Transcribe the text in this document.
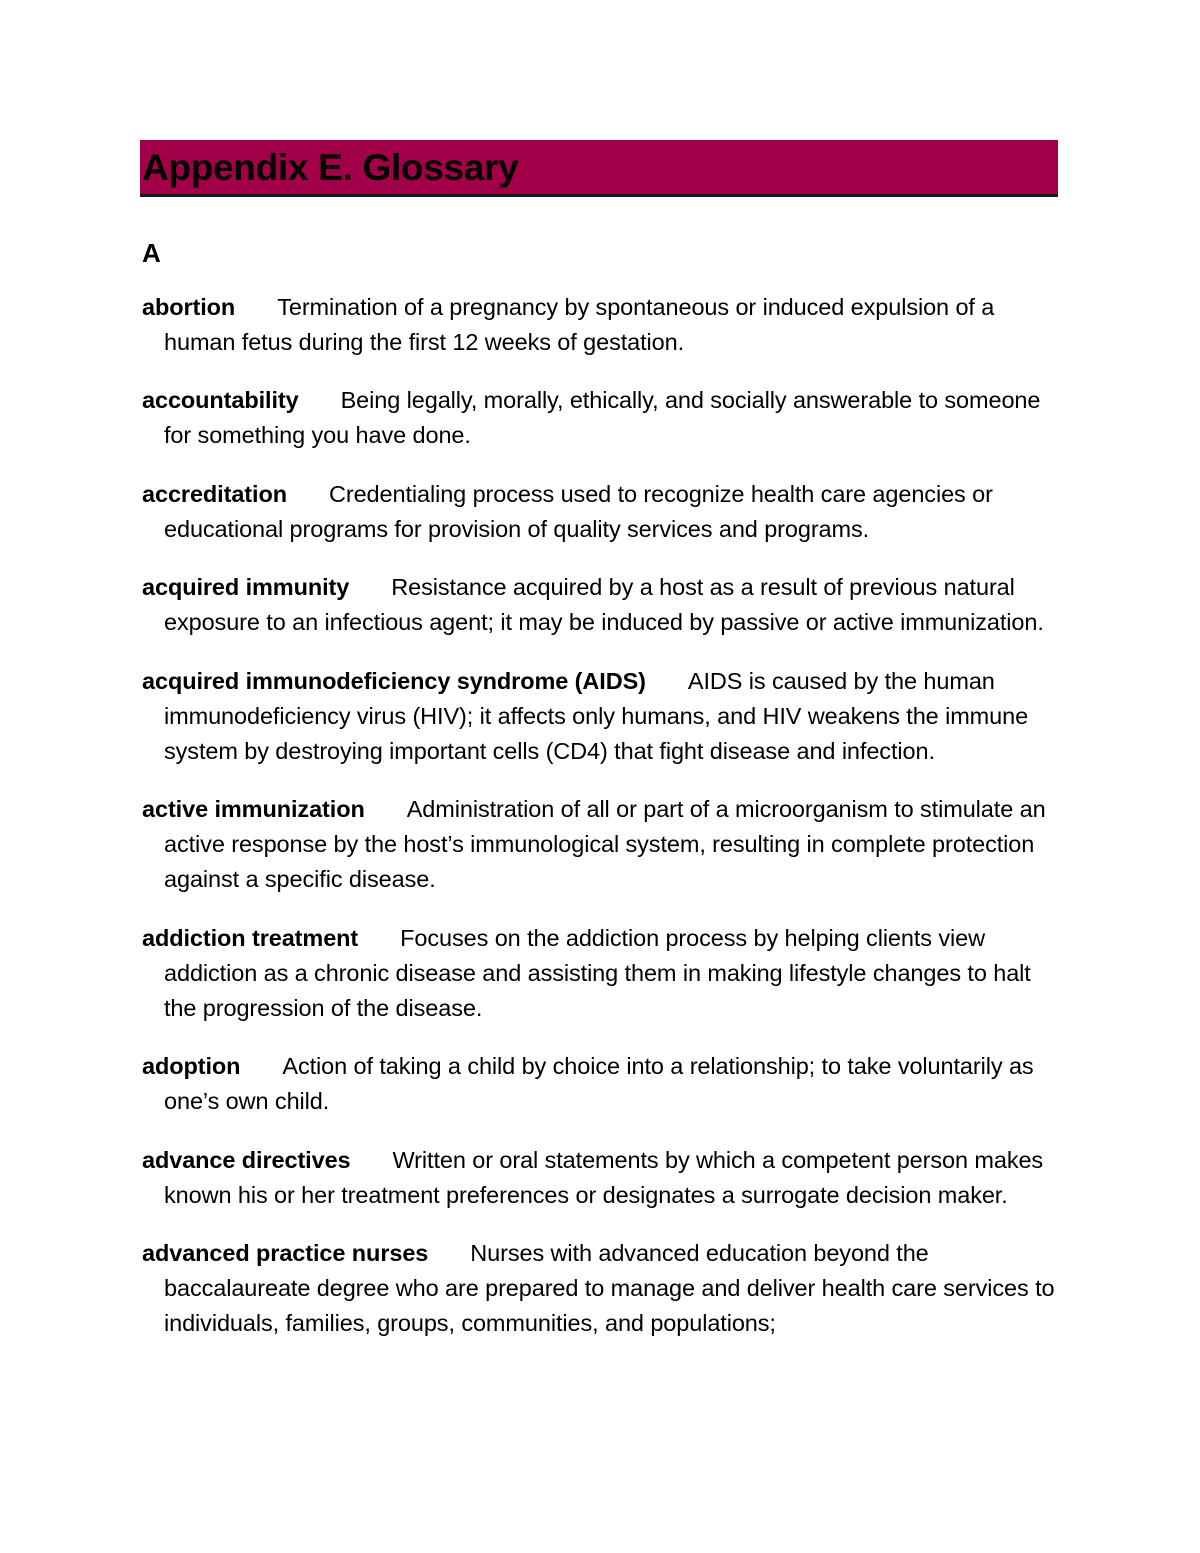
Appendix E. Glossary
A

abortion Termination of a pregnancy by spontaneous or induced expulsion of a human fetus during the first 12 weeks of gestation.

accountability Being legally, morally, ethically, and socially answerable to someone for something you have done.

accreditation Credentialing process used to recognize health care agencies or educational programs for provision of quality services and programs.

acquired immunity Resistance acquired by a host as a result of previous natural exposure to an infectious agent; it may be induced by passive or active immunization.

acquired immunodeficiency syndrome (AIDS) AIDS is caused by the human immunodeficiency virus (HIV); it affects only humans, and HIV weakens the immune system by destroying important cells (CD4) that fight disease and infection.

active immunization Administration of all or part of a microorganism to stimulate an active response by the host’s immunological system, resulting in complete protection against a specific disease.

addiction treatment Focuses on the addiction process by helping clients view addiction as a chronic disease and assisting them in making lifestyle changes to halt the progression of the disease.

adoption Action of taking a child by choice into a relationship; to take voluntarily as one’s own child.

advance directives Written or oral statements by which a competent person makes known his or her treatment preferences or designates a surrogate decision maker.

advanced practice nurses Nurses with advanced education beyond the baccalaureate degree who are prepared to manage and deliver health care services to individuals, families, groups, communities, and populations;
